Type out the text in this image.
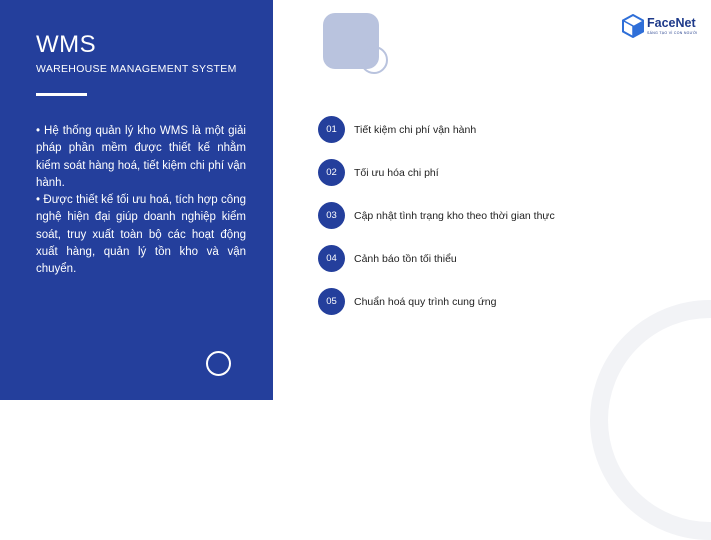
WMS
WAREHOUSE MANAGEMENT SYSTEM

• Hệ thống quản lý kho WMS là một giải pháp phần mềm được thiết kế nhằm kiểm soát hàng hoá, tiết kiệm chi phí vận hành.

• Được thiết kế tối ưu hoá, tích hợp công nghệ hiện đại giúp doanh nghiệp kiểm soát, truy xuất toàn bộ các hoạt động xuất hàng, quản lý tồn kho và vận chuyển.

FaceNet
SÁNG TẠO VÌ CON NGƯỜI
01	Tiết kiệm chi phí vận hành
02	Tối ưu hóa chi phí
03	Cập nhật tình trạng kho theo thời gian thực
04	Cảnh báo tồn tối thiểu
05	Chuẩn hoá quy trình cung ứng
